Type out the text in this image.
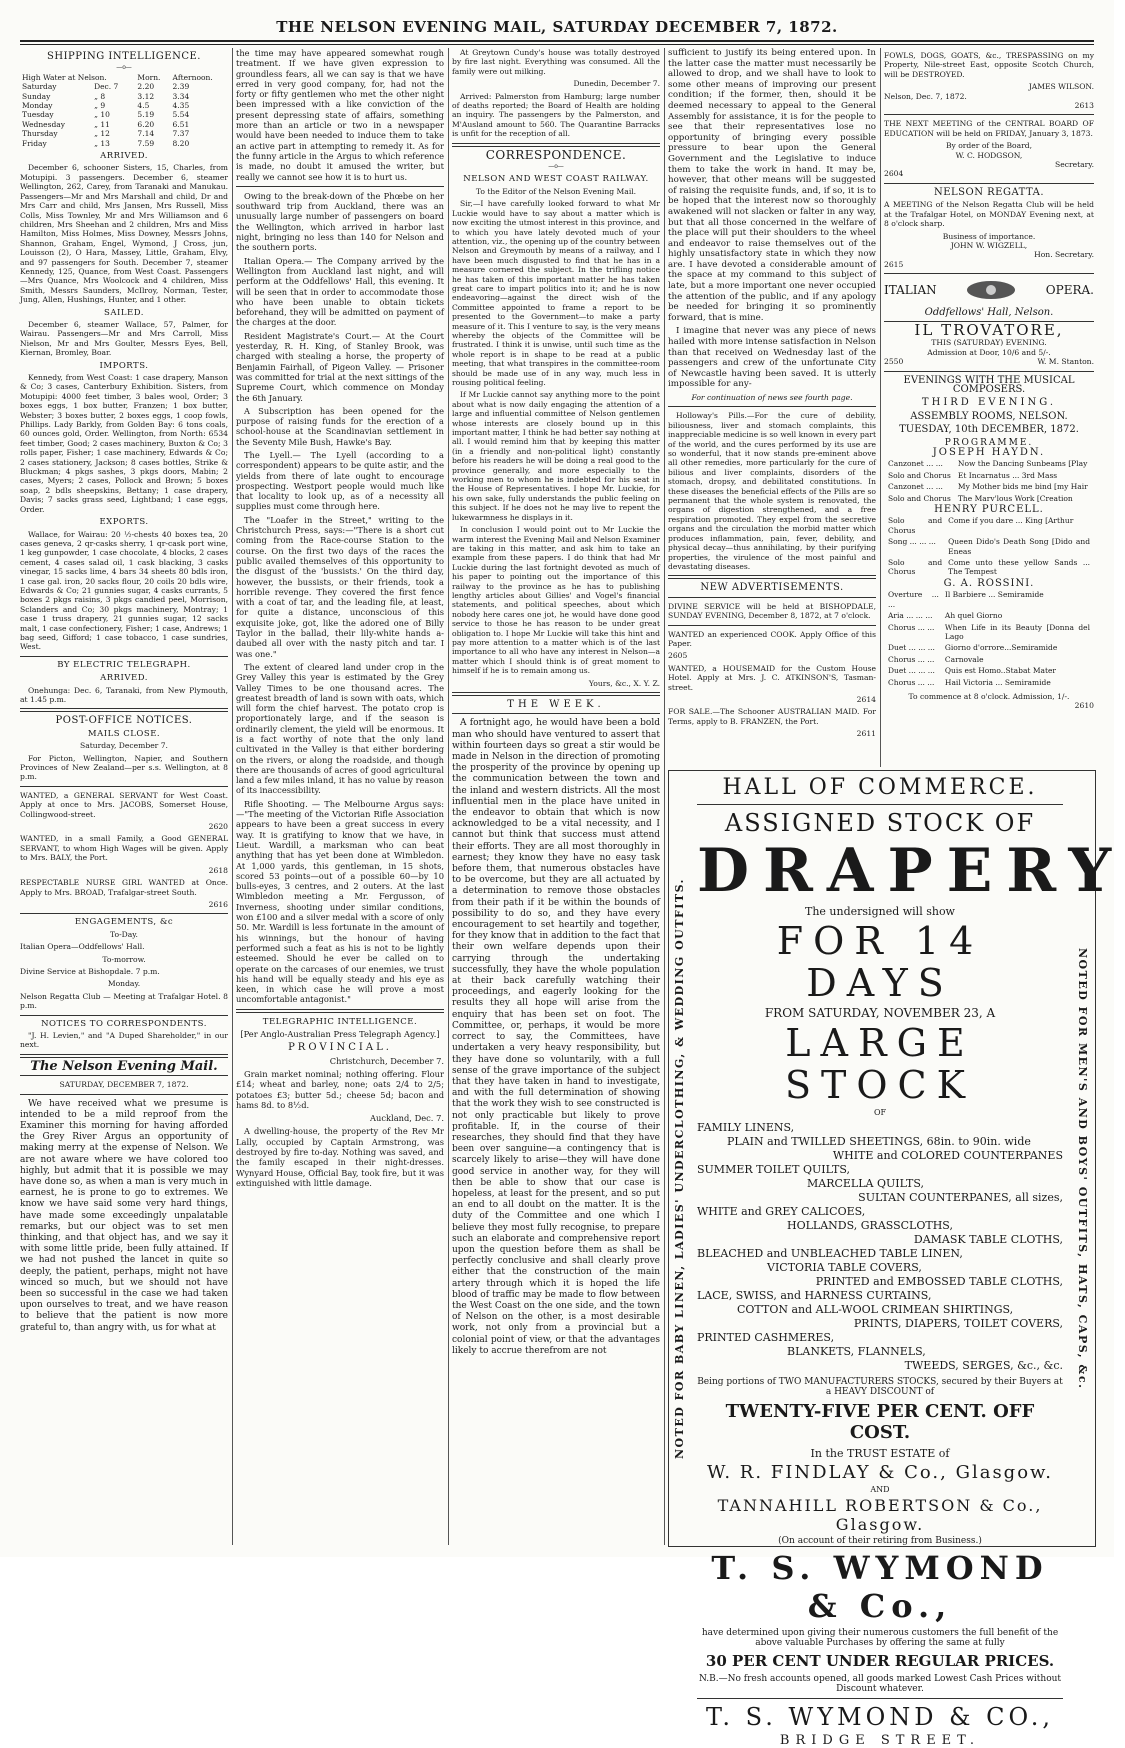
THE NELSON EVENING MAIL, SATURDAY DECEMBER 7, 1872.
SHIPPING INTELLIGENCE.
—o—
High Water at Nelson.		Morn.	Afternoon.
Saturday	Dec. 7	2.20	2.39
Sunday	„ 8	3.12	3.34
Monday	„ 9	4.5	4.35
Tuesday	„ 10	5.19	5.54
Wednesday	„ 11	6.20	6.51
Thursday	„ 12	7.14	7.37
Friday	„ 13	7.59	8.20
ARRIVED.

December 6, schooner Sisters, 15, Charles, from Motupipi. 3 passengers. December 6, steamer Wellington, 262, Carey, from Taranaki and Manukau. Passengers—Mr and Mrs Marshall and child, Dr and Mrs Carr and child, Mrs Jansen, Mrs Russell, Miss Colls, Miss Townley, Mr and Mrs Williamson and 6 children, Mrs Sheehan and 2 children, Mrs and Miss Hamilton, Miss Holmes, Miss Downey, Messrs Johns, Shannon, Graham, Engel, Wymond, J Cross, jun, Louisson (2), O Hara, Massey, Little, Graham, Elvy, and 97 passengers for South. December 7, steamer Kennedy, 125, Quance, from West Coast. Passengers—Mrs Quance, Mrs Woolcock and 4 children, Miss Smith, Messrs Saunders, McIlroy, Norman, Tester, Jung, Allen, Hushings, Hunter, and 1 other.

SAILED.

December 6, steamer Wallace, 57, Palmer, for Wairau. Passengers—Mr and Mrs Carroll, Miss Nielson, Mr and Mrs Goulter, Messrs Eyes, Bell, Kiernan, Bromley, Boar.

IMPORTS.

Kennedy, from West Coast: 1 case drapery, Manson & Co; 3 cases, Canterbury Exhibition. Sisters, from Motupipi: 4000 feet timber, 3 bales wool, Order; 3 boxes eggs, 1 box butter, Franzen; 1 box butter, Webster; 3 boxes butter, 2 boxes eggs, 1 coop fowls, Phillips. Lady Barkly, from Golden Bay: 6 tons coals, 60 ounces gold, Order. Wellington, from North: 6534 feet timber, Good; 2 cases machinery, Buxton & Co; 3 rolls paper, Fisher; 1 case machinery, Edwards & Co; 2 cases stationery, Jackson; 8 cases bottles, Strike & Bluckman; 4 pkgs sashes, 3 pkgs doors, Mabin; 2 cases, Myers; 2 cases, Pollock and Brown; 5 boxes soap, 2 bdls sheepskins, Bettany; 1 case drapery, Davis; 7 sacks grass seed, Lightband; 1 case eggs, Order.

EXPORTS.

Wallace, for Wairau: 20 ½-chests 40 boxes tea, 20 cases geneva, 2 qr-casks sherry, 1 qr-cask port wine, 1 keg gunpowder, 1 case chocolate, 4 blocks, 2 cases cement, 4 cases salad oil, 1 cask blacking, 3 casks vinegar, 15 sacks lime, 4 bars 34 sheets 80 bdls iron, 1 case gal. iron, 20 sacks flour, 20 coils 20 bdls wire, Edwards & Co; 21 gunnies sugar, 4 casks currants, 5 boxes 2 pkgs raisins, 3 pkgs candied peel, Morrison, Sclanders and Co; 30 pkgs machinery, Montray; 1 case 1 truss drapery, 21 gunnies sugar, 12 sacks malt, 1 case confectionery, Fisher; 1 case, Andrews; 1 bag seed, Gifford; 1 case tobacco, 1 case sundries, West.

BY ELECTRIC TELEGRAPH.
ARRIVED.

Onehunga: Dec. 6, Taranaki, from New Plymouth, at 1.45 p.m.

POST-OFFICE NOTICES.
MAILS CLOSE.

Saturday, December 7.

For Picton, Wellington, Napier, and Southern Provinces of New Zealand—per s.s. Wellington, at 8 p.m.

WANTED, a GENERAL SERVANT for West Coast. Apply at once to Mrs. JACOBS, Somerset House, Collingwood-street.

2620

WANTED, in a small Family, a Good GENERAL SERVANT, to whom High Wages will be given. Apply to Mrs. BALY, the Port.

2618

RESPECTABLE NURSE GIRL WANTED at Once. Apply to Mrs. BROAD, Trafalgar-street South.

2616
ENGAGEMENTS, &c

To-Day.

Italian Opera—Oddfellows' Hall.

To-morrow.

Divine Service at Bishopdale. 7 p.m.

Monday.

Nelson Regatta Club — Meeting at Trafalgar Hotel. 8 p.m.

NOTICES TO CORRESPONDENTS.

"J. H. Levien," and "A Duped Shareholder," in our next.

The Nelson Evening Mail.

SATURDAY, DECEMBER 7, 1872.

We have received what we presume is intended to be a mild reproof from the Examiner this morning for having afforded the Grey River Argus an opportunity of making merry at the expense of Nelson. We are not aware where we have colored too highly, but admit that it is possible we may have done so, as when a man is very much in earnest, he is prone to go to extremes. We know we have said some very hard things, have made some exceedingly unpalatable remarks, but our object was to set men thinking, and that object has, and we say it with some little pride, been fully attained. If we had not pushed the lancet in quite so deeply, the patient, perhaps, might not have winced so much, but we should not have been so successful in the case we had taken upon ourselves to treat, and we have reason to believe that the patient is now more grateful to, than angry with, us for what at

the time may have appeared somewhat rough treatment. If we have given expression to groundless fears, all we can say is that we have erred in very good company, for, had not the forty or fifty gentlemen who met the other night been impressed with a like conviction of the present depressing state of affairs, something more than an article or two in a newspaper would have been needed to induce them to take an active part in attempting to remedy it. As for the funny article in the Argus to which reference is made, no doubt it amused the writer, but really we cannot see how it is to hurt us.

Owing to the break-down of the Phœbe on her southward trip from Auckland, there was an unusually large number of passengers on board the Wellington, which arrived in harbor last night, bringing no less than 140 for Nelson and the southern ports.

Italian Opera.— The Company arrived by the Wellington from Auckland last night, and will perform at the Oddfellows' Hall, this evening. It will be seen that in order to accommodate those who have been unable to obtain tickets beforehand, they will be admitted on payment of the charges at the door.

Resident Magistrate's Court.— At the Court yesterday, R. H. King, of Stanley Brook, was charged with stealing a horse, the property of Benjamin Fairhall, of Pigeon Valley. — Prisoner was committed for trial at the next sittings of the Supreme Court, which commence on Monday the 6th January.

A Subscription has been opened for the purpose of raising funds for the erection of a school-house at the Scandinavian settlement in the Seventy Mile Bush, Hawke's Bay.

The Lyell.— The Lyell (according to a correspondent) appears to be quite astir, and the yields from there of late ought to encourage prospecting. Westport people would much like that locality to look up, as of a necessity all supplies must come through here.

The "Loafer in the Street," writing to the Christchurch Press, says:—"There is a short cut coming from the Race-course Station to the course. On the first two days of the races the public availed themselves of this opportunity to the disgust of the 'bussists.' On the third day, however, the bussists, or their friends, took a horrible revenge. They covered the first fence with a coat of tar, and the leading file, at least, for quite a distance, unconscious of this exquisite joke, got, like the adored one of Billy Taylor in the ballad, their lily-white hands a-daubed all over with the nasty pitch and tar. I was one."

The extent of cleared land under crop in the Grey Valley this year is estimated by the Grey Valley Times to be one thousand acres. The greatest breadth of land is sown with oats, which will form the chief harvest. The potato crop is proportionately large, and if the season is ordinarily clement, the yield will be enormous. It is a fact worthy of note that the only land cultivated in the Valley is that either bordering on the rivers, or along the roadside, and though there are thousands of acres of good agricultural land a few miles inland, it has no value by reason of its inaccessibility.

Rifle Shooting. — The Melbourne Argus says:—"The meeting of the Victorian Rifle Association appears to have been a great success in every way. It is gratifying to know that we have, in Lieut. Wardill, a marksman who can beat anything that has yet been done at Wimbledon. At 1,000 yards, this gentleman, in 15 shots, scored 53 points—out of a possible 60—by 10 bulls-eyes, 3 centres, and 2 outers. At the last Wimbledon meeting a Mr. Fergusson, of Inverness, shooting under similar conditions, won £100 and a silver medal with a score of only 50. Mr. Wardill is less fortunate in the amount of his winnings, but the honour of having performed such a feat as his is not to be lightly esteemed. Should he ever be called on to operate on the carcases of our enemies, we trust his hand will be equally steady and his eye as keen, in which case he will prove a most uncomfortable antagonist."

TELEGRAPHIC INTELLIGENCE.

[Per Anglo-Australian Press Telegraph Agency.]

PROVINCIAL.

Christchurch, December 7.

Grain market nominal; nothing offering. Flour £14; wheat and barley, none; oats 2/4 to 2/5; potatoes £3; butter 5d.; cheese 5d; bacon and hams 8d. to 8½d.

Auckland, Dec. 7.

A dwelling-house, the property of the Rev Mr Lally, occupied by Captain Armstrong, was destroyed by fire to-day. Nothing was saved, and the family escaped in their night-dresses. Wynyard House, Official Bay, took fire, but it was extinguished with little damage.

At Greytown Cundy's house was totally destroyed by fire last night. Everything was consumed. All the family were out milking.

Dunedin, December 7.

Arrived: Palmerston from Hamburg; large number of deaths reported; the Board of Health are holding an inquiry. The passengers by the Palmerston, and M'Ausland amount to 560. The Quarantine Barracks is unfit for the reception of all.

CORRESPONDENCE.
—o—
NELSON AND WEST COAST RAILWAY.

To the Editor of the Nelson Evening Mail.

Sir,—I have carefully looked forward to what Mr Luckie would have to say about a matter which is now exciting the utmost interest in this province, and to which you have lately devoted much of your attention, viz., the opening up of the country between Nelson and Greymouth by means of a railway, and I have been much disgusted to find that he has in a measure cornered the subject. In the trifling notice he has taken of this important matter he has taken great care to impart politics into it; and he is now endeavoring—against the direct wish of the Committee appointed to frame a report to be presented to the Government—to make a party measure of it. This I venture to say, is the very means whereby the objects of the Committee will be frustrated. I think it is unwise, until such time as the whole report is in shape to be read at a public meeting, that what transpires in the committee-room should be made use of in any way, much less in rousing political feeling.

If Mr Luckie cannot say anything more to the point about what is now daily engaging the attention of a large and influential committee of Nelson gentlemen whose interests are closely bound up in this important matter, I think he had better say nothing at all. I would remind him that by keeping this matter (in a friendly and non-political light) constantly before his readers he will be doing a real good to the province generally, and more especially to the working men to whom he is indebted for his seat in the House of Representatives. I hope Mr. Luckie, for his own sake, fully understands the public feeling on this subject. If he does not he may live to repent the lukewarmness he displays in it.

In conclusion I would point out to Mr Luckie the warm interest the Evening Mail and Nelson Examiner are taking in this matter, and ask him to take an example from these papers. I do think that had Mr Luckie during the last fortnight devoted as much of his paper to pointing out the importance of this railway to the province as he has to publishing lengthy articles about Gillies' and Vogel's financial statements, and political speeches, about which nobody here cares one jot, he would have done good service to those he has reason to be under great obligation to. I hope Mr Luckie will take this hint and pay more attention to a matter which is of the last importance to all who have any interest in Nelson—a matter which I should think is of great moment to himself if he is to remain among us.

Yours, &c., X. Y. Z.

THE WEEK.

A fortnight ago, he would have been a bold man who should have ventured to assert that within fourteen days so great a stir would be made in Nelson in the direction of promoting the prosperity of the province by opening up the communication between the town and the inland and western districts. All the most influential men in the place have united in the endeavor to obtain that which is now acknowledged to be a vital necessity, and I cannot but think that success must attend their efforts. They are all most thoroughly in earnest; they know they have no easy task before them, that numerous obstacles have to be overcome, but they are all actuated by a determination to remove those obstacles from their path if it be within the bounds of possibility to do so, and they have every encouragement to set heartily and together, for they know that in addition to the fact that their own welfare depends upon their carrying through the undertaking successfully, they have the whole population at their back carefully watching their proceedings, and eagerly looking for the results they all hope will arise from the enquiry that has been set on foot. The Committee, or, perhaps, it would be more correct to say, the Committees, have undertaken a very heavy responsibility, but they have done so voluntarily, with a full sense of the grave importance of the subject that they have taken in hand to investigate, and with the full determination of showing that the work they wish to see constructed is not only practicable but likely to prove profitable. If, in the course of their researches, they should find that they have been over sanguine—a contingency that is scarcely likely to arise—they will have done good service in another way, for they will then be able to show that our case is hopeless, at least for the present, and so put an end to all doubt on the matter. It is the duty of the Committee and one which I believe they most fully recognise, to prepare such an elaborate and comprehensive report upon the question before them as shall be perfectly conclusive and shall clearly prove either that the construction of the main artery through which it is hoped the life blood of traffic may be made to flow between the West Coast on the one side, and the town of Nelson on the other, is a most desirable work, not only from a provincial but a colonial point of view, or that the advantages likely to accrue therefrom are not

sufficient to justify its being entered upon. In the latter case the matter must necessarily be allowed to drop, and we shall have to look to some other means of improving our present condition; if the former, then, should it be deemed necessary to appeal to the General Assembly for assistance, it is for the people to see that their representatives lose no opportunity of bringing every possible pressure to bear upon the General Government and the Legislative to induce them to take the work in hand. It may be, however, that other means will be suggested of raising the requisite funds, and, if so, it is to be hoped that the interest now so thoroughly awakened will not slacken or falter in any way, but that all those concerned in the welfare of the place will put their shoulders to the wheel and endeavor to raise themselves out of the highly unsatisfactory state in which they now are. I have devoted a considerable amount of the space at my command to this subject of late, but a more important one never occupied the attention of the public, and if any apology be needed for bringing it so prominently forward, that is mine.

I imagine that never was any piece of news hailed with more intense satisfaction in Nelson than that received on Wednesday last of the passengers and crew of the unfortunate City of Newcastle having been saved. It is utterly impossible for any-

For continuation of news see fourth page.

Holloway's Pills.—For the cure of debility, biliousness, liver and stomach complaints, this inappreciable medicine is so well known in every part of the world, and the cures performed by its use are so wonderful, that it now stands pre-eminent above all other remedies, more particularly for the cure of bilious and liver complaints, disorders of the stomach, dropsy, and debilitated constitutions. In these diseases the beneficial effects of the Pills are so permanent that the whole system is renovated, the organs of digestion strengthened, and a free respiration promoted. They expel from the secretive organs and the circulation the morbid matter which produces inflammation, pain, fever, debility, and physical decay—thus annihilating, by their purifying properties, the virulence of the most painful and devastating diseases.

NEW ADVERTISEMENTS.

DIVINE SERVICE will be held at BISHOPDALE, SUNDAY EVENING, December 8, 1872, at 7 o'clock.

WANTED an experienced COOK. Apply Office of this Paper.

2605

WANTED, a HOUSEMAID for the Custom House Hotel. Apply at Mrs. J. C. ATKINSON'S, Tasman-street.

2614

FOR SALE.—The Schooner AUSTRALIAN MAID. For Terms, apply to B. FRANZEN, the Port.

2611

FOWLS, DOGS, GOATS, &c., TRESPASSING on my Property, Nile-street East, opposite Scotch Church, will be DESTROYED.

JAMES WILSON.
Nelson, Dec. 7, 1872.
2613

THE NEXT MEETING of the CENTRAL BOARD OF EDUCATION will be held on FRIDAY, January 3, 1873.

By order of the Board,
W. C. HODGSON,
Secretary.
2604
NELSON REGATTA.

A MEETING of the Nelson Regatta Club will be held at the Trafalgar Hotel, on MONDAY Evening next, at 8 o'clock sharp.

Business of importance.
JOHN W. WIGZELL,
Hon. Secretary.
2615
ITALIAN	OPERA.
Oddfellows' Hall, Nelson.
IL TROVATORE,
THIS (SATURDAY) EVENING.
Admission at Door, 10/6 and 5/-.
2550	W. M. Stanton.
EVENINGS WITH THE MUSICAL COMPOSERS.
THIRD EVENING.
ASSEMBLY ROOMS, NELSON.
TUESDAY, 10th DECEMBER, 1872.
PROGRAMME.
JOSEPH HAYDN.
Canzonet ... ...	Now the Dancing Sunbeams [Play
Solo and Chorus	Et Incarnatus ... 3rd Mass
Canzonet ... ...	My Mother bids me bind [my Hair
Solo and Chorus	The Marv'lous Work [Creation
HENRY PURCELL.
Solo and Chorus	Come if you dare ... King [Arthur
Song ... ... ...	Queen Dido's Death Song [Dido and Eneas
Solo and Chorus	Come unto these yellow Sands ... The Tempest
G. A. ROSSINI.
Overture ... ...	Il Barbiere ... Semiramide
Aria ... ... ...	Ah quel Giorno
Chorus ... ...	When Life in its Beauty [Donna del Lago
Duet ... ... ...	Giorno d'orrore...Semiramide
Chorus ... ...	Carnovale
Duet ... ... ...	Quis est Homo..Stabat Mater
Chorus ... ...	Hail Victoria ... Semiramide
To commence at 8 o'clock. Admission, 1/-.
2610
NOTED FOR BABY LINEN, LADIES' UNDERCLOTHING, & WEDDING OUTFITS.	NOTED FOR MEN'S AND BOYS' OUTFITS, HATS, CAPS, &c.
HALL OF COMMERCE.
ASSIGNED STOCK OF
DRAPERY
The undersigned will show
FOR 14 DAYS
FROM SATURDAY, NOVEMBER 23, A
LARGE STOCK
OF
FAMILY LINENS,
PLAIN and TWILLED SHEETINGS, 68in. to 90in. wide
WHITE and COLORED COUNTERPANES
SUMMER TOILET QUILTS,
MARCELLA QUILTS,
SULTAN COUNTERPANES, all sizes,
WHITE and GREY CALICOES,
HOLLANDS, GRASSCLOTHS,
DAMASK TABLE CLOTHS,
BLEACHED and UNBLEACHED TABLE LINEN,
VICTORIA TABLE COVERS,
PRINTED and EMBOSSED TABLE CLOTHS,
LACE, SWISS, and HARNESS CURTAINS,
COTTON and ALL-WOOL CRIMEAN SHIRTINGS,
PRINTS, DIAPERS, TOILET COVERS,
PRINTED CASHMERES,
BLANKETS, FLANNELS,
TWEEDS, SERGES, &c., &c.
Being portions of TWO MANUFACTURERS STOCKS, secured by their Buyers at a HEAVY DISCOUNT of
TWENTY-FIVE PER CENT. OFF COST.
In the TRUST ESTATE of
W. R. FINDLAY & Co., Glasgow.
AND
TANNAHILL ROBERTSON & Co., Glasgow.
(On account of their retiring from Business.)
T. S. WYMOND & Co.,
have determined upon giving their numerous customers the full benefit of the above valuable Purchases by offering the same at fully
30 PER CENT UNDER REGULAR PRICES.
N.B.—No fresh accounts opened, all goods marked Lowest Cash Prices without Discount whatever.
T. S. WYMOND & CO.,
BRIDGE STREET.
